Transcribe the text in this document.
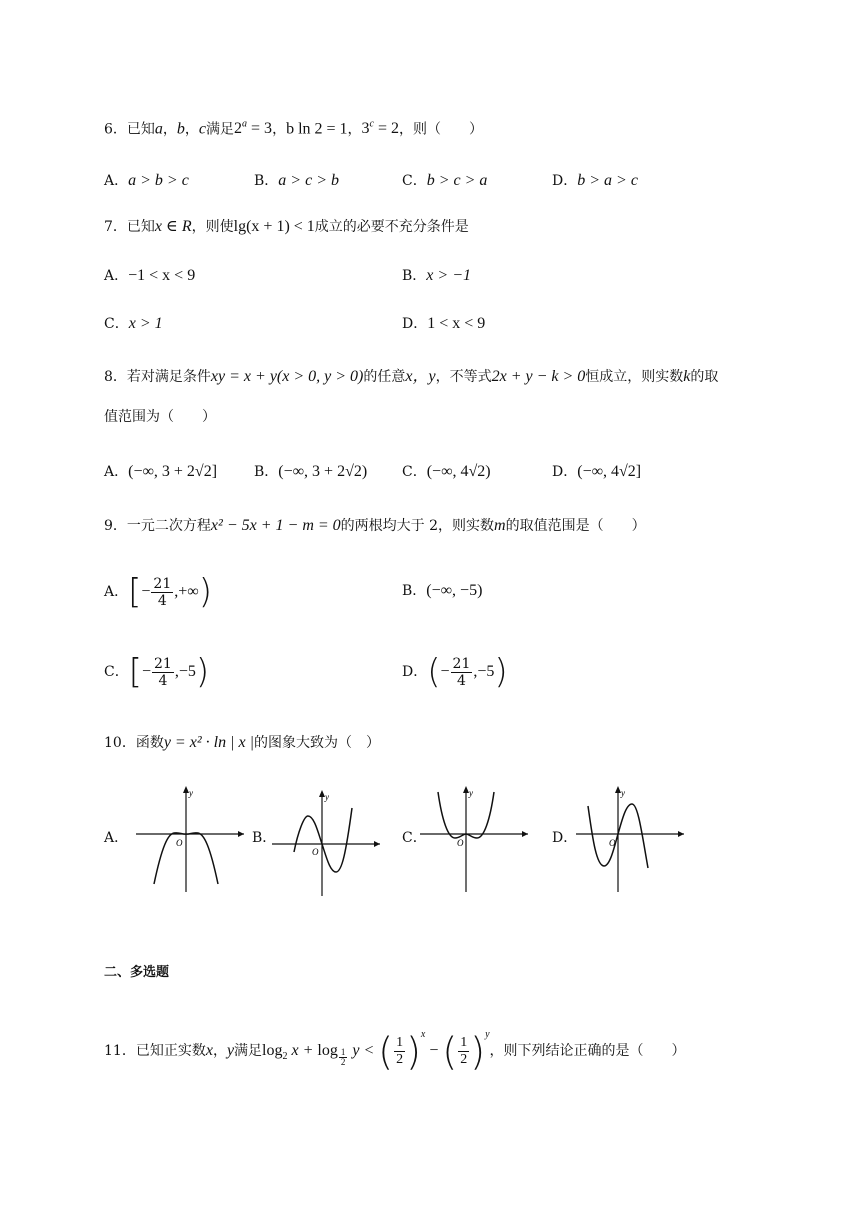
6．已知a，b，c满足$2^a = 3$，b ln 2 = 1，$3^c = 2$，则（　　）
A．a > b > c	B．a > c > b	C．b > c > a	D．b > a > c
7．已知x ∈ R，则使lg(x + 1) < 1成立的必要不充分条件是
A．−1 < x < 9	B．x > −1
C．x > 1	D．1 < x < 9
8．若对满足条件xy = x + y(x > 0, y > 0)的任意x，y，不等式2x + y − k > 0恒成立，则实数k的取
值范围为（　　）
A．(−∞, 3 + 2√2]	B．(−∞, 3 + 2√2) C．(−∞, 4√2)	D．(−∞, 4√2]
9．一元二次方程x² − 5x + 1 − m = 0的两根均大于 2，则实数m的取值范围是（　　）
A．[− $\frac{21}{4}$ ,+∞)	B．(−∞, −5)
C．[− $\frac{21}{4} ,-5$)	D．(− $\frac{21}{4} ,-5$)
10．函数y = x² · ln | x |的图象大致为（　）
A．
y
O	B．
y
O
C．
y
O	D．
y
O
二、多选题
11．已知正实数x，y满足$\log_2 x + \log \frac{1}{2}$ y < ( $\frac{1}{2} )^x$ − ( $\frac{1}{2} )^y$，则下列结论正确的是（　　）
